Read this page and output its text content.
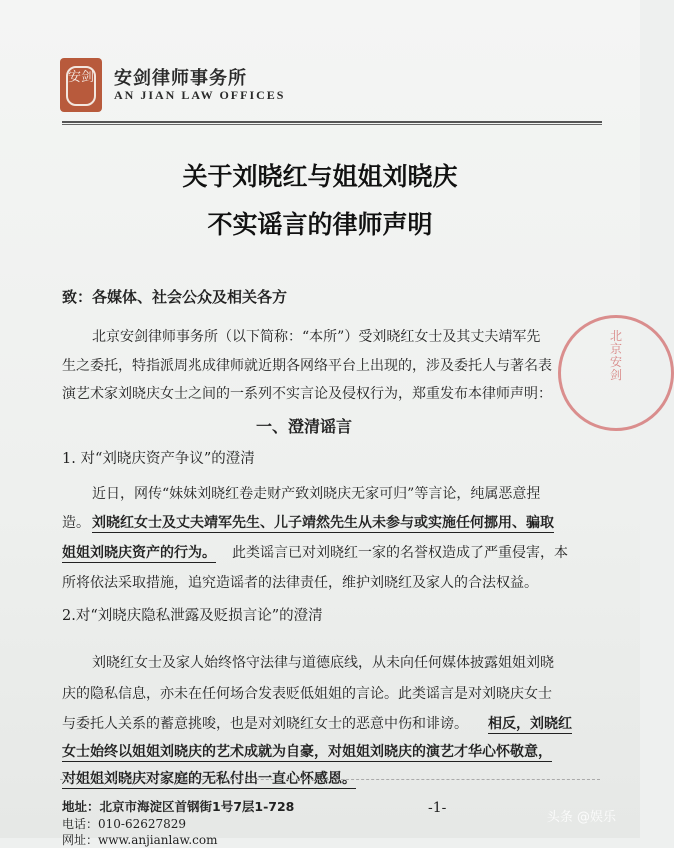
安剑 安剑律师事务所
AN JIAN LAW OFFICES
关于刘晓红与姐姐刘晓庆
不实谣言的律师声明
致：各媒体、社会公众及相关各方
北京安剑律师事务所（以下简称：“本所”）受刘晓红女士及其丈夫靖军先
生之委托，特指派周兆成律师就近期各网络平台上出现的，涉及委托人与著名表
演艺术家刘晓庆女士之间的一系列不实言论及侵权行为，郑重发布本律师声明：
一、澄清谣言
1. 对“刘晓庆资产争议”的澄清
近日，网传“妹妹刘晓红卷走财产致刘晓庆无家可归”等言论，纯属恶意捏
造。 刘晓红女士及丈夫靖军先生、儿子靖然先生从未参与或实施任何挪用、骗取
姐姐刘晓庆资产的行为。 此类谣言已对刘晓红一家的名誉权造成了严重侵害，本
所将依法采取措施，追究造谣者的法律责任，维护刘晓红及家人的合法权益。
2.对“刘晓庆隐私泄露及贬损言论”的澄清
刘晓红女士及家人始终恪守法律与道德底线，从未向任何媒体披露姐姐刘晓
庆的隐私信息，亦未在任何场合发表贬低姐姐的言论。此类谣言是对刘晓庆女士
与委托人关系的蓄意挑唆，也是对刘晓红女士的恶意中伤和诽谤。 相反，刘晓红
女士始终以姐姐刘晓庆的艺术成就为自豪，对姐姐刘晓庆的演艺才华心怀敬意，
对姐姐刘晓庆对家庭的无私付出一直心怀感恩。
北京安剑
地址：北京市海淀区首钢街1号7层1-728
电话：010-62627829
网址：www.anjianlaw.com
-1-
头条 @娱乐
